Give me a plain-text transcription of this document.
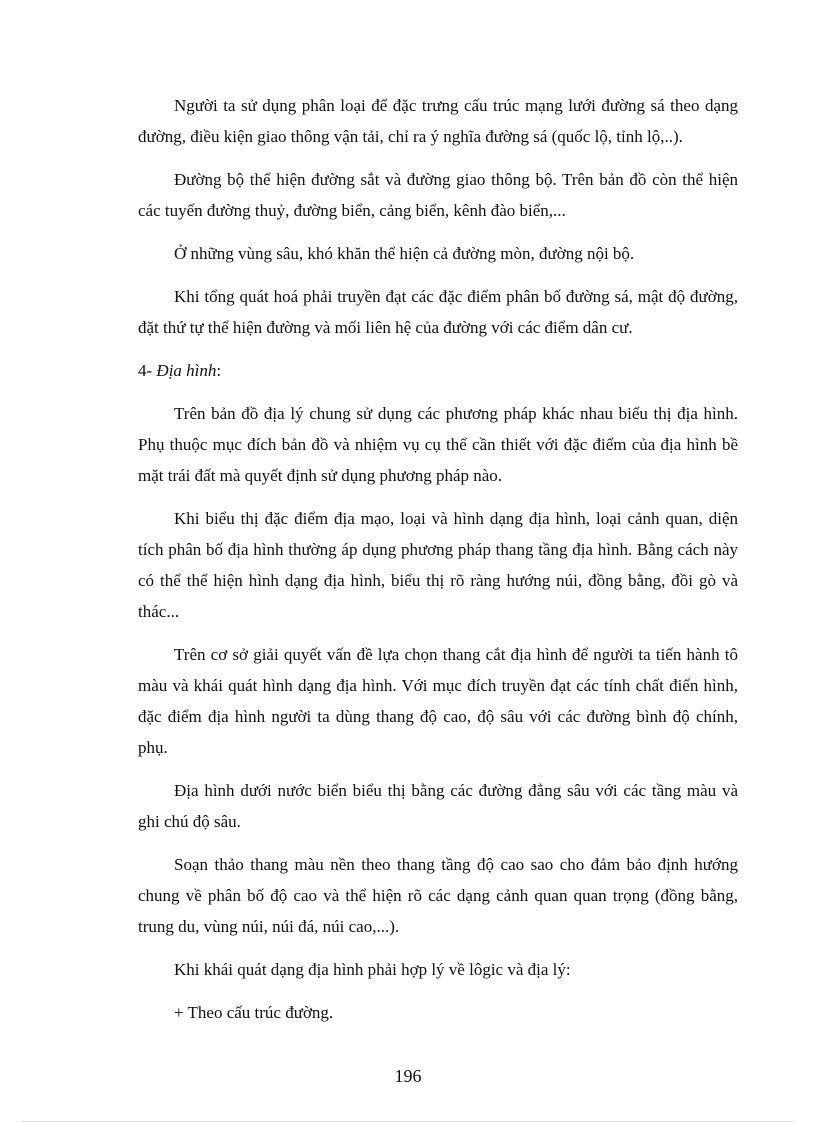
Người ta sử dụng phân loại để đặc trưng cấu trúc mạng lưới đường sá theo dạng đường, điều kiện giao thông vận tải, chỉ ra ý nghĩa đường sá (quốc lộ, tỉnh lộ,..).

Đường bộ thể hiện đường sắt và đường giao thông bộ. Trên bản đồ còn thể hiện các tuyến đường thuỷ, đường biển, cảng biển, kênh đào biển,...

Ở những vùng sâu, khó khăn thể hiện cả đường mòn, đường nội bộ.

Khi tổng quát hoá phải truyền đạt các đặc điểm phân bố đường sá, mật độ đường, đặt thứ tự thể hiện đường và mối liên hệ của đường với các điểm dân cư.

4- Địa hình:

Trên bản đồ địa lý chung sử dụng các phương pháp khác nhau biểu thị địa hình. Phụ thuộc mục đích bản đồ và nhiệm vụ cụ thể cần thiết với đặc điểm của địa hình bề mặt trái đất mà quyết định sử dụng phương pháp nào.

Khi biểu thị đặc điểm địa mạo, loại và hình dạng địa hình, loại cảnh quan, diện tích phân bố địa hình thường áp dụng phương pháp thang tầng địa hình. Bằng cách này có thể thể hiện hình dạng địa hình, biểu thị rõ ràng hướng núi, đồng bằng, đồi gò và thác...

Trên cơ sở giải quyết vấn đề lựa chọn thang cắt địa hình để người ta tiến hành tô màu và khái quát hình dạng địa hình. Với mục đích truyền đạt các tính chất điển hình, đặc điểm địa hình người ta dùng thang độ cao, độ sâu với các đường bình độ chính, phụ.

Địa hình dưới nước biển biểu thị bằng các đường đẳng sâu với các tầng màu và ghi chú độ sâu.

Soạn thảo thang màu nền theo thang tầng độ cao sao cho đảm bảo định hướng chung về phân bố độ cao và thể hiện rõ các dạng cảnh quan quan trọng (đồng bằng, trung du, vùng núi, núi đá, núi cao,...).

Khi khái quát dạng địa hình phải hợp lý về lôgic và địa lý:

+ Theo cấu trúc đường.

196
